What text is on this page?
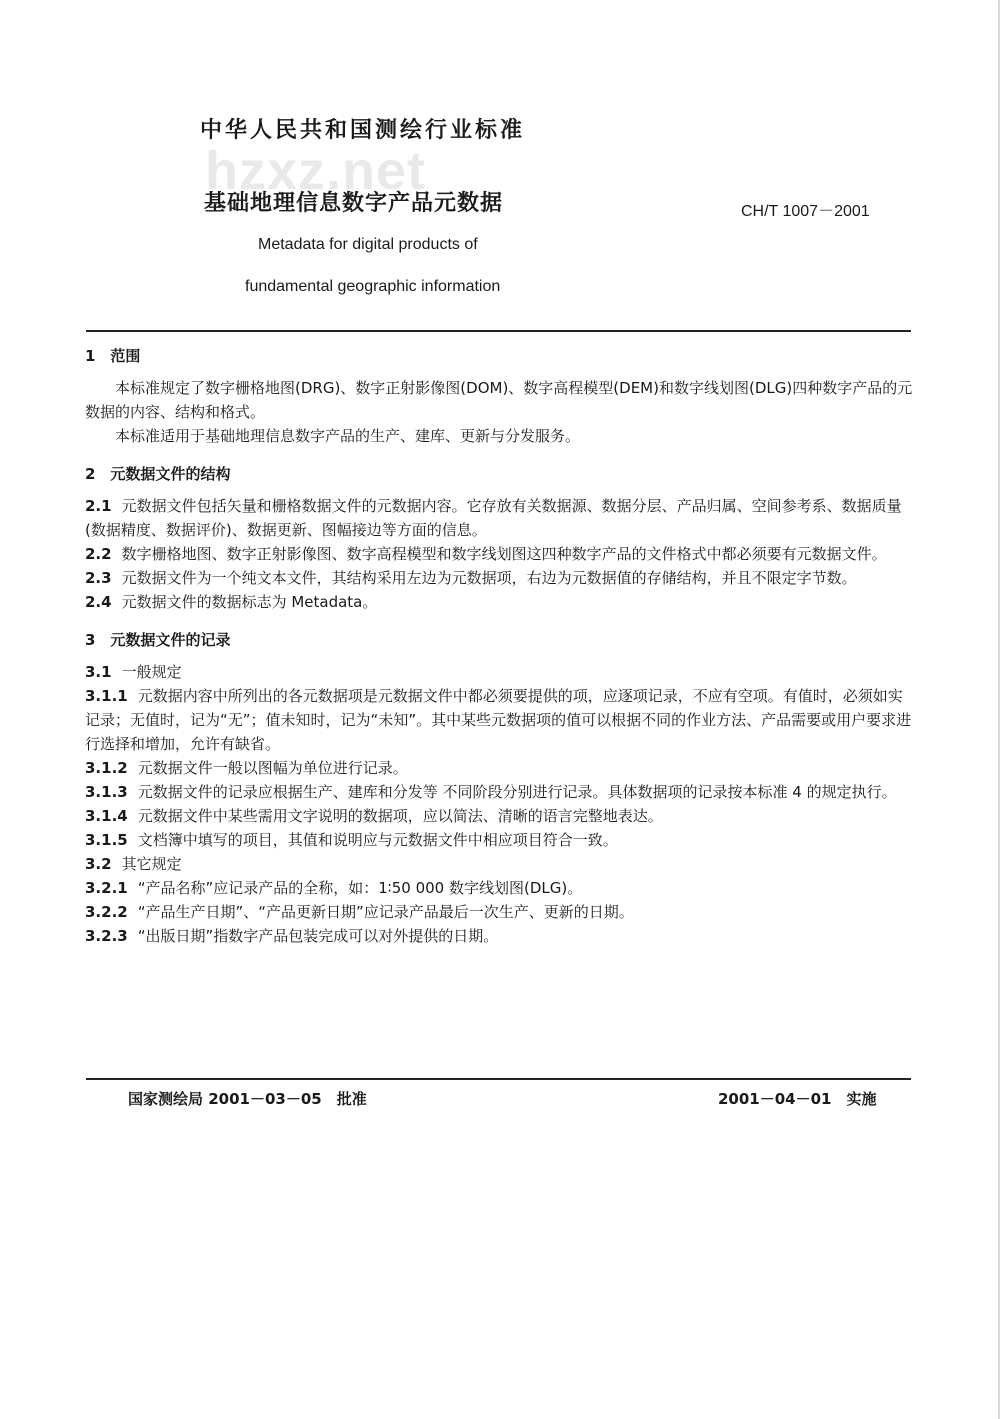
hzxz.net
中华人民共和国测绘行业标准
基础地理信息数字产品元数据	CH/T 1007－2001
Metadata for digital products of
fundamental geographic information
1　范围
本标准规定了数字栅格地图(DRG)、数字正射影像图(DOM)、数字高程模型(DEM)和数字线划图(DLG)四种数字产品的元数据的内容、结构和格式。
本标准适用于基础地理信息数字产品的生产、建库、更新与分发服务。
2　元数据文件的结构
2.1 元数据文件包括矢量和栅格数据文件的元数据内容。它存放有关数据源、数据分层、产品归属、空间参考系、数据质量(数据精度、数据评价)、数据更新、图幅接边等方面的信息。
2.2 数字栅格地图、数字正射影像图、数字高程模型和数字线划图这四种数字产品的文件格式中都必须要有元数据文件。
2.3 元数据文件为一个纯文本文件，其结构采用左边为元数据项，右边为元数据值的存储结构，并且不限定字节数。
2.4 元数据文件的数据标志为 Metadata。
3　元数据文件的记录
3.1 一般规定
3.1.1 元数据内容中所列出的各元数据项是元数据文件中都必须要提供的项，应逐项记录，不应有空项。有值时，必须如实记录；无值时，记为“无”；值未知时，记为“未知”。其中某些元数据项的值可以根据不同的作业方法、产品需要或用户要求进行选择和增加，允许有缺省。
3.1.2 元数据文件一般以图幅为单位进行记录。
3.1.3 元数据文件的记录应根据生产、建库和分发等 不同阶段分别进行记录。具体数据项的记录按本标准 4 的规定执行。
3.1.4 元数据文件中某些需用文字说明的数据项，应以简法、清晰的语言完整地表达。
3.1.5 文档簿中填写的项目，其值和说明应与元数据文件中相应项目符合一致。
3.2 其它规定
3.2.1 “产品名称”应记录产品的全称，如：1∶50 000 数字线划图(DLG)。
3.2.2 “产品生产日期”、“产品更新日期”应记录产品最后一次生产、更新的日期。
3.2.3 “出版日期”指数字产品包装完成可以对外提供的日期。
国家测绘局 2001－03－05　批准	2001－04－01　实施
